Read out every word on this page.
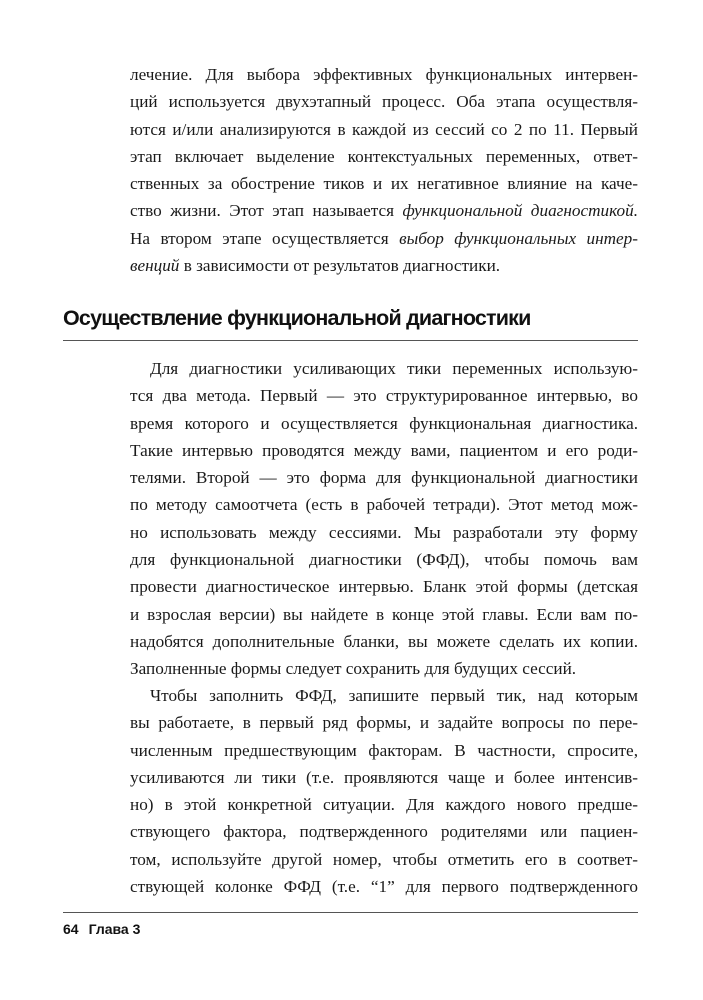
лечение. Для выбора эффективных функциональных интервен-
ций используется двухэтапный процесс. Оба этапа осуществля-
ются и/или анализируются в каждой из сессий со 2 по 11. Первый
этап включает выделение контекстуальных переменных, ответ-
ственных за обострение тиков и их негативное влияние на каче-
ство жизни. Этот этап называется функциональной диагностикой.
На втором этапе осуществляется выбор функциональных интер-
венций в зависимости от результатов диагностики.
Осуществление функциональной диагностики
Для диагностики усиливающих тики переменных использую-
тся два метода. Первый — это структурированное интервью, во
время которого и осуществляется функциональная диагностика.
Такие интервью проводятся между вами, пациентом и его роди-
телями. Второй — это форма для функциональной диагностики
по методу самоотчета (есть в рабочей тетради). Этот метод мож-
но использовать между сессиями. Мы разработали эту форму
для функциональной диагностики (ФФД), чтобы помочь вам
провести диагностическое интервью. Бланк этой формы (детская
и взрослая версии) вы найдете в конце этой главы. Если вам по-
надобятся дополнительные бланки, вы можете сделать их копии.
Заполненные формы следует сохранить для будущих сессий.
Чтобы заполнить ФФД, запишите первый тик, над которым
вы работаете, в первый ряд формы, и задайте вопросы по пере-
численным предшествующим факторам. В частности, спросите,
усиливаются ли тики (т.е. проявляются чаще и более интенсив-
но) в этой конкретной ситуации. Для каждого нового предше-
ствующего фактора, подтвержденного родителями или пациен-
том, используйте другой номер, чтобы отметить его в соответ-
ствующей колонке ФФД (т.е. “1” для первого подтвержденного
64 Глава 3
